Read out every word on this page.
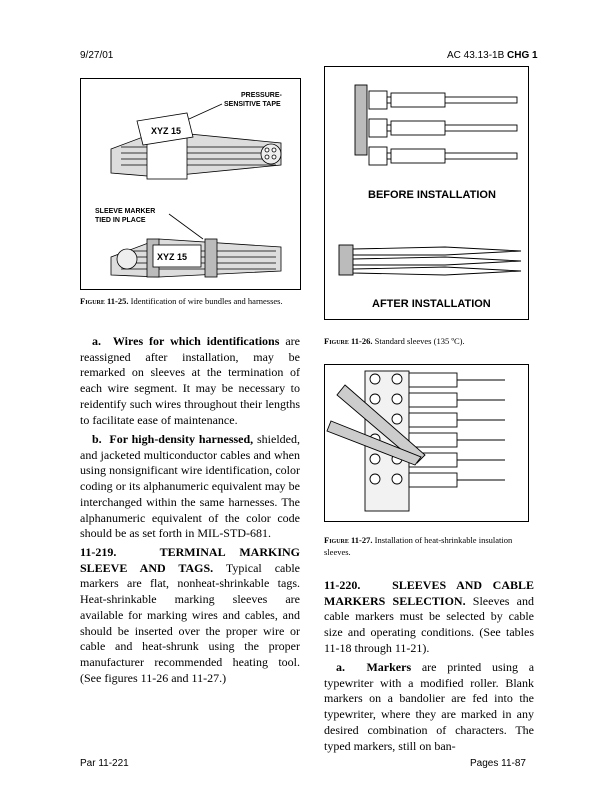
9/27/01	AC 43.13-1B CHG 1
PRESSURE-
SENSITIVE TAPE
XYZ 15
SLEEVE MARKER
TIED IN PLACE
XYZ 15
Figure 11-25. Identification of wire bundles and harnesses.
BEFORE INSTALLATION
AFTER INSTALLATION
Figure 11-26. Standard sleeves (135 ºC).
Figure 11-27. Installation of heat-shrinkable insulation sleeves.
a. Wires for which identifications are reassigned after installation, may be remarked on sleeves at the termination of each wire segment. It may be necessary to reidentify such wires throughout their lengths to facilitate ease of maintenance.
b. For high-density harnessed, shielded, and jacketed multiconductor cables and when using nonsignificant wire identification, color coding or its alphanumeric equivalent may be interchanged within the same harnesses. The alphanumeric equivalent of the color code should be as set forth in MIL-STD-681.
11-219.	TERMINAL MARKING SLEEVE AND TAGS. Typical cable markers are flat, nonheat-shrinkable tags. Heat-shrinkable marking sleeves are available for marking wires and cables, and should be inserted over the proper wire or cable and heat-shrunk using the proper manufacturer recommended heating tool. (See figures 11-26 and 11-27.)
11-220.	SLEEVES AND CABLE MARKERS SELECTION. Sleeves and cable markers must be selected by cable size and operating conditions. (See tables 11-18 through 11-21).
a. Markers are printed using a typewriter with a modified roller. Blank markers on a bandolier are fed into the typewriter, where they are marked in any desired combination of characters. The typed markers, still on ban-
Par 11-221	Pages 11-87
